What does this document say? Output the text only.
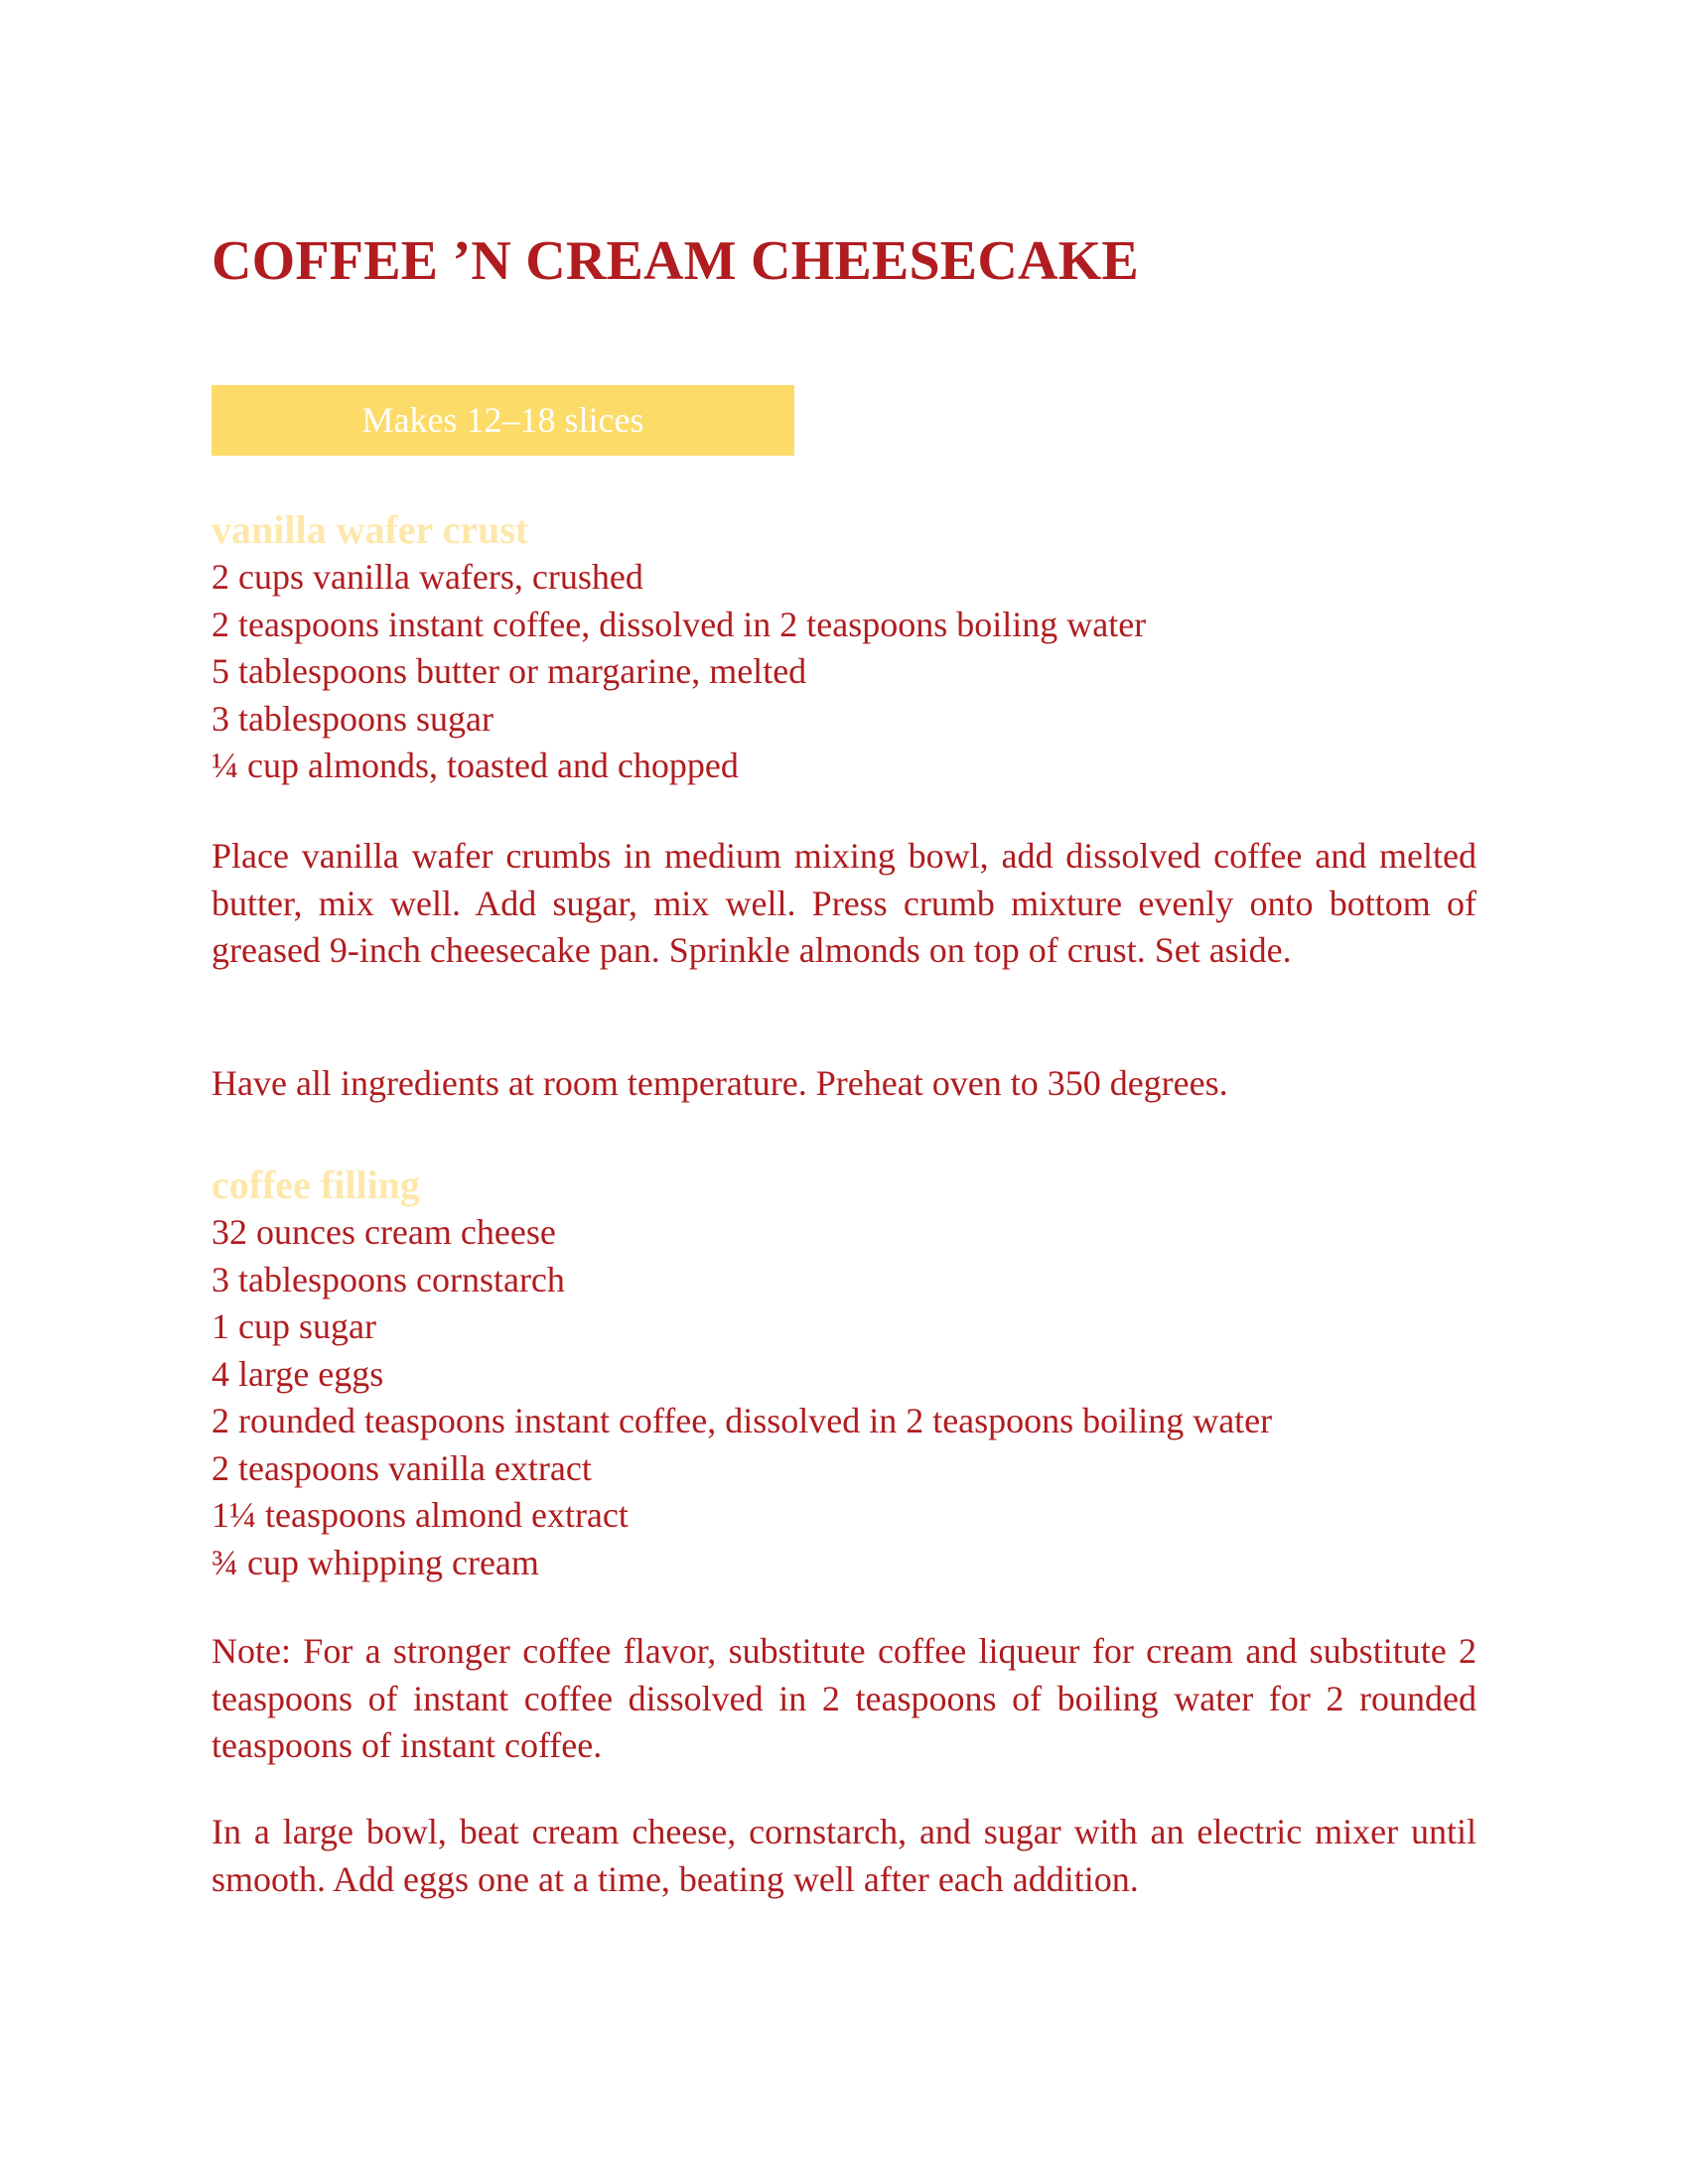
COFFEE ’N CREAM CHEESECAKE
Makes 12–18 slices
vanilla wafer crust
2 cups vanilla wafers, crushed
2 teaspoons instant coffee, dissolved in 2 teaspoons boiling water
5 tablespoons butter or margarine, melted
3 tablespoons sugar
¼ cup almonds, toasted and chopped

Place vanilla wafer crumbs in medium mixing bowl, add dissolved coffee and melted butter, mix well. Add sugar, mix well. Press crumb mixture evenly onto bottom of greased 9-inch cheesecake pan. Sprinkle almonds on top of crust. Set aside.

Have all ingredients at room temperature. Preheat oven to 350 degrees.

coffee filling
32 ounces cream cheese
3 tablespoons cornstarch
1 cup sugar
4 large eggs
2 rounded teaspoons instant coffee, dissolved in 2 teaspoons boiling water
2 teaspoons vanilla extract
1¼ teaspoons almond extract
¾ cup whipping cream

Note: For a stronger coffee flavor, substitute coffee liqueur for cream and substitute 2 teaspoons of instant coffee dissolved in 2 teaspoons of boiling water for 2 rounded teaspoons of instant coffee.

In a large bowl, beat cream cheese, cornstarch, and sugar with an electric mixer until smooth. Add eggs one at a time, beating well after each addition.
